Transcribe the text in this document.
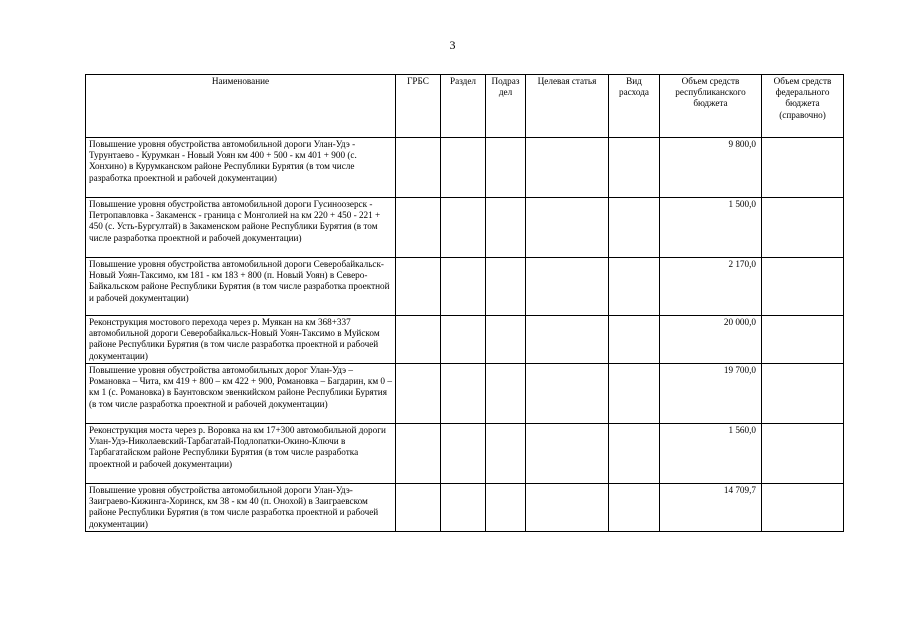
3
Наименование	ГРБС	Раздел	Подраз дел	Целевая статья	Вид расхода	Объем средств республиканского бюджета	Объем средств федерального бюджета (справочно)
Повышение уровня обустройства автомобильной дороги Улан-Удэ - Турунтаево - Курумкан - Новый Уоян км 400 + 500 - км 401 + 900 (с. Хонхино) в Курумканском районе Республики Бурятия (в том числе разработка проектной и рабочей документации)						9 800,0	
Повышение уровня обустройства автомобильной дороги Гусиноозерск - Петропавловка - Закаменск - граница с Монголией на км 220 + 450 - 221 + 450 (с. Усть-Бургултай) в Закаменском районе Республики Бурятия (в том числе разработка проектной и рабочей документации)						1 500,0	
Повышение уровня обустройства автомобильной дороги Северобайкальск-Новый Уоян-Таксимо, км 181 - км 183 + 800 (п. Новый Уоян) в Северо-Байкальском районе Республики Бурятия (в том числе разработка проектной и рабочей документации)						2 170,0	
Реконструкция мостового перехода через р. Муякан на км 368+337 автомобильной дороги Северобайкальск-Новый Уоян-Таксимо в Муйском районе Республики Бурятия (в том числе разработка проектной и рабочей документации)						20 000,0	
Повышение уровня обустройства автомобильных дорог Улан-Удэ – Романовка – Чита, км 419 + 800 – км 422 + 900, Романовка – Багдарин, км 0 – км 1 (с. Романовка) в Баунтовском эвенкийском районе Республики Бурятия (в том числе разработка проектной и рабочей документации)						19 700,0	
Реконструкция моста через р. Воровка на км 17+300 автомобильной дороги Улан-Удэ-Николаевский-Тарбагатай-Подлопатки-Окино-Ключи в Тарбагатайском районе Республики Бурятия (в том числе разработка проектной и рабочей документации)						1 560,0	
Повышение уровня обустройства автомобильной дороги Улан-Удэ-Заиграево-Кижинга-Хоринск, км 38 - км 40 (п. Онохой) в Заиграевском районе Республики Бурятия (в том числе разработка проектной и рабочей документации)						14 709,7	
